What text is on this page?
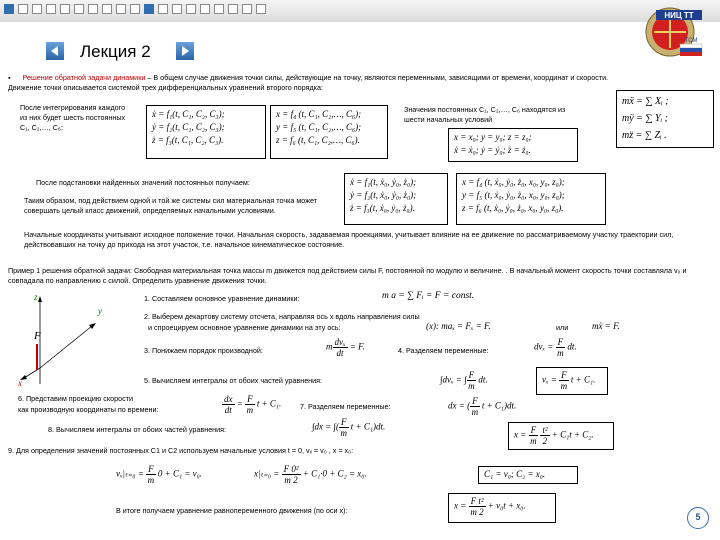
НИЦ ТТ
ТСМ
Лекция 2
▪ Решение обратной задачи динамики – В общем случае движения точки силы, действующие на точку, являются переменными, зависящими от времени, координат и скорости. Движение точки описывается системой трех дифференциальных уравнений второго порядка:
mẍ = ∑ Xᵢ ;
mÿ = ∑ Yᵢ ;
mz̈ = ∑ Zᵢ .
После интегрирования каждого из них будет шесть постоянных C₁, C₂,…, C₆:
ẋ = f₁(t, C₁, C₂, C₃);
ẏ = f₂(t, C₁, C₂, C₃);
ż = f₃(t, C₁, C₂, C₃).
x = f₄ (t, C₁, C₂,…, C₆);
y = f₅ (t, C₁, C₂,…, C₆);
z = f₆ (t, C₁, C₂,…, C₆).
Значения постоянных C₁, C₂,…, C₆ находятся из шести начальных условий
x = x₀; y = y₀; z = z₀;
ẋ = ẋ₀; ẏ = ẏ₀; ż = ż₀.
После подстановки найденных значений постоянных получаем:	ẋ = f₁(t, ẋ₀, ẏ₀, ż₀);
ẏ = f₂(t, ẋ₀, ẏ₀, ż₀);
ż = f₃(t, ẋ₀, ẏ₀, ż₀).
x = f₄ (t, ẋ₀, ẏ₀, ż₀, x₀, y₀, z₀);
y = f₅ (t, ẋ₀, ẏ₀, ż₀, x₀, y₀, z₀);
z = f₆ (t, ẋ₀, ẏ₀, ż₀, x₀, y₀, z₀).
Таким образом, под действием одной и той же системы сил материальная точка может совершать целый класс движений, определяемых начальными условиями.
Начальные координаты учитывают исходное положение точки. Начальная скорость, задаваемая проекциями, учитывает влияние на ее движение по рассматриваемому участку траектории сил, действовавших на точку до прихода на этот участок, т.е. начальное кинематическое состояние.
Пример 1 решения обратной задачи: Свободная материальная точка массы m движется под действием силы F, постоянной по модулю и величине. . В начальный момент скорость точки составляла v₀ и совпадала по направлению с силой. Определить уравнение движения точки.
z
y
x
F
1. Составляем основное уравнение динамики:	m a = ∑ Fᵢ = F = const.
2. Выберем декартову систему отсчета, направляя ось x вдоль направления силы
и спроецируем основное уравнение динамики на эту ось:	(x): maₓ = Fₓ = F.	или	mẍ = F.
3. Понижаем порядок производной:	m $\frac{\text{dvₓ}}{dt} = F$.	4. Разделяем переменные:	$dv_x = \frac{F}{m}$ dt.
5. Вычисляем интегралы от обоих частей уравнения:	∫dvₓ = ∫ $\frac{F}{m}$ dt.	$v_x = \frac{F}{m}$ t + C₁.
6. Представим проекцию скорости
как производную координаты по времени:	$\frac{dx}{dt} = \frac{F}{m}$ t + C₁.	7. Разделяем переменные:	dx = ( $\frac{F}{m}$ t + C₁)dt.
8. Вычисляем интегралы от обоих частей уравнения:	∫dx = ∫( $\frac{F}{m}$ t + C₁)dt.
$x = \frac{F}{m}$
$\frac{\text{t²}}{2} + C_1t + C_2$.
9. Для определения значений постоянных C1 и C2 используем начальные условия t = 0, vₓ = v₀ , x = x₀:
$v_x|_{t=0} = \frac{F}{m} 0 + C_1 = v_0$.	$x|_{t=0} = \frac{\text{F 0²}}{m 2} + C_1\cdot 0 + C_2 = x_0$.	C₁ = v₀; C₂ = x₀.
В итоге получаем уравнение равнопеременного движения (по оси x):	$x = \frac{\text{F t²}}{m 2} + v_0t + x_0$.
5
